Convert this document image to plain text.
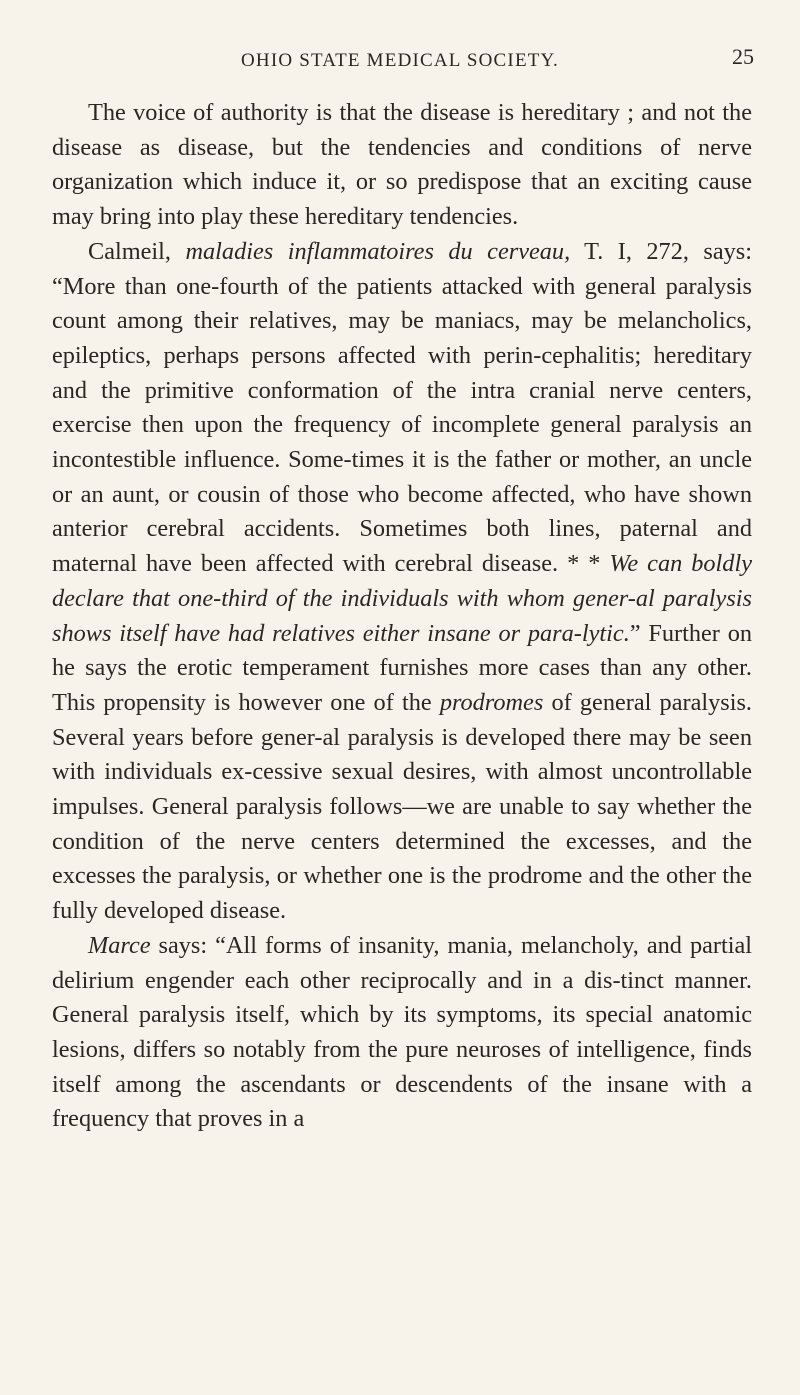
OHIO STATE MEDICAL SOCIETY.	25

The voice of authority is that the disease is hereditary ; and not the disease as disease, but the tendencies and conditions of nerve organization which induce it, or so predispose that an exciting cause may bring into play these hereditary tendencies.

Calmeil, maladies inflammatoires du cerveau, T. I, 272, says: “More than one-fourth of the patients attacked with general paralysis count among their relatives, may be maniacs, may be melancholics, epileptics, perhaps persons affected with perin-cephalitis; hereditary and the primitive conformation of the intra cranial nerve centers, exercise then upon the frequency of incomplete general paralysis an incontestible influence. Some-times it is the father or mother, an uncle or an aunt, or cousin of those who become affected, who have shown anterior cerebral accidents. Sometimes both lines, paternal and maternal have been affected with cerebral disease. * * We can boldly declare that one-third of the individuals with whom gener-al paralysis shows itself have had relatives either insane or para-lytic.” Further on he says the erotic temperament furnishes more cases than any other. This propensity is however one of the prodromes of general paralysis. Several years before gener-al paralysis is developed there may be seen with individuals ex-cessive sexual desires, with almost uncontrollable impulses. General paralysis follows—we are unable to say whether the condition of the nerve centers determined the excesses, and the excesses the paralysis, or whether one is the prodrome and the other the fully developed disease.

Marce says: “All forms of insanity, mania, melancholy, and partial delirium engender each other reciprocally and in a dis-tinct manner. General paralysis itself, which by its symptoms, its special anatomic lesions, differs so notably from the pure neuroses of intelligence, finds itself among the ascendants or descendents of the insane with a frequency that proves in a
